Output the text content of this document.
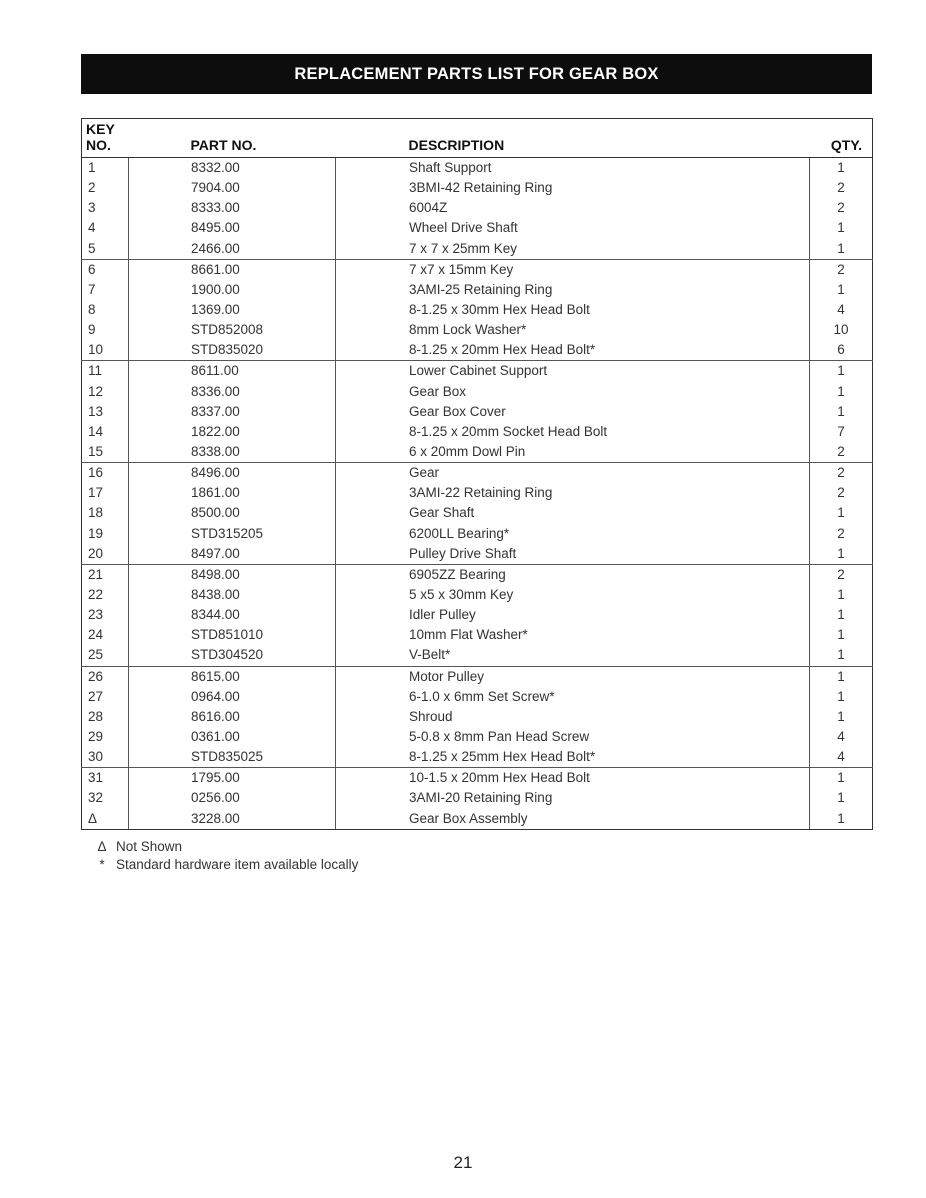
REPLACEMENT PARTS LIST FOR GEAR BOX
KEY
NO.	PART NO.	DESCRIPTION	QTY.
1	8332.00	Shaft Support	1
2	7904.00	3BMI-42 Retaining Ring	2
3	8333.00	6004Z	2
4	8495.00	Wheel Drive Shaft	1
5	2466.00	7 x 7 x 25mm Key	1
6	8661.00	7 x7 x 15mm Key	2
7	1900.00	3AMI-25 Retaining Ring	1
8	1369.00	8-1.25 x 30mm Hex Head Bolt	4
9	STD852008	8mm Lock Washer*	10
10	STD835020	8-1.25 x 20mm Hex Head Bolt*	6
11	8611.00	Lower Cabinet Support	1
12	8336.00	Gear Box	1
13	8337.00	Gear Box Cover	1
14	1822.00	8-1.25 x 20mm Socket Head Bolt	7
15	8338.00	6 x 20mm Dowl Pin	2
16	8496.00	Gear	2
17	1861.00	3AMI-22 Retaining Ring	2
18	8500.00	Gear Shaft	1
19	STD315205	6200LL Bearing*	2
20	8497.00	Pulley Drive Shaft	1
21	8498.00	6905ZZ Bearing	2
22	8438.00	5 x5 x 30mm Key	1
23	8344.00	Idler Pulley	1
24	STD851010	10mm Flat Washer*	1
25	STD304520	V-Belt*	1
26	8615.00	Motor Pulley	1
27	0964.00	6-1.0 x 6mm Set Screw*	1
28	8616.00	Shroud	1
29	0361.00	5-0.8 x 8mm Pan Head Screw	4
30	STD835025	8-1.25 x 25mm Hex Head Bolt*	4
31	1795.00	10-1.5 x 20mm Hex Head Bolt	1
32	0256.00	3AMI-20 Retaining Ring	1
Δ	3228.00	Gear Box Assembly	1
Δ Not Shown
* Standard hardware item available locally
21
